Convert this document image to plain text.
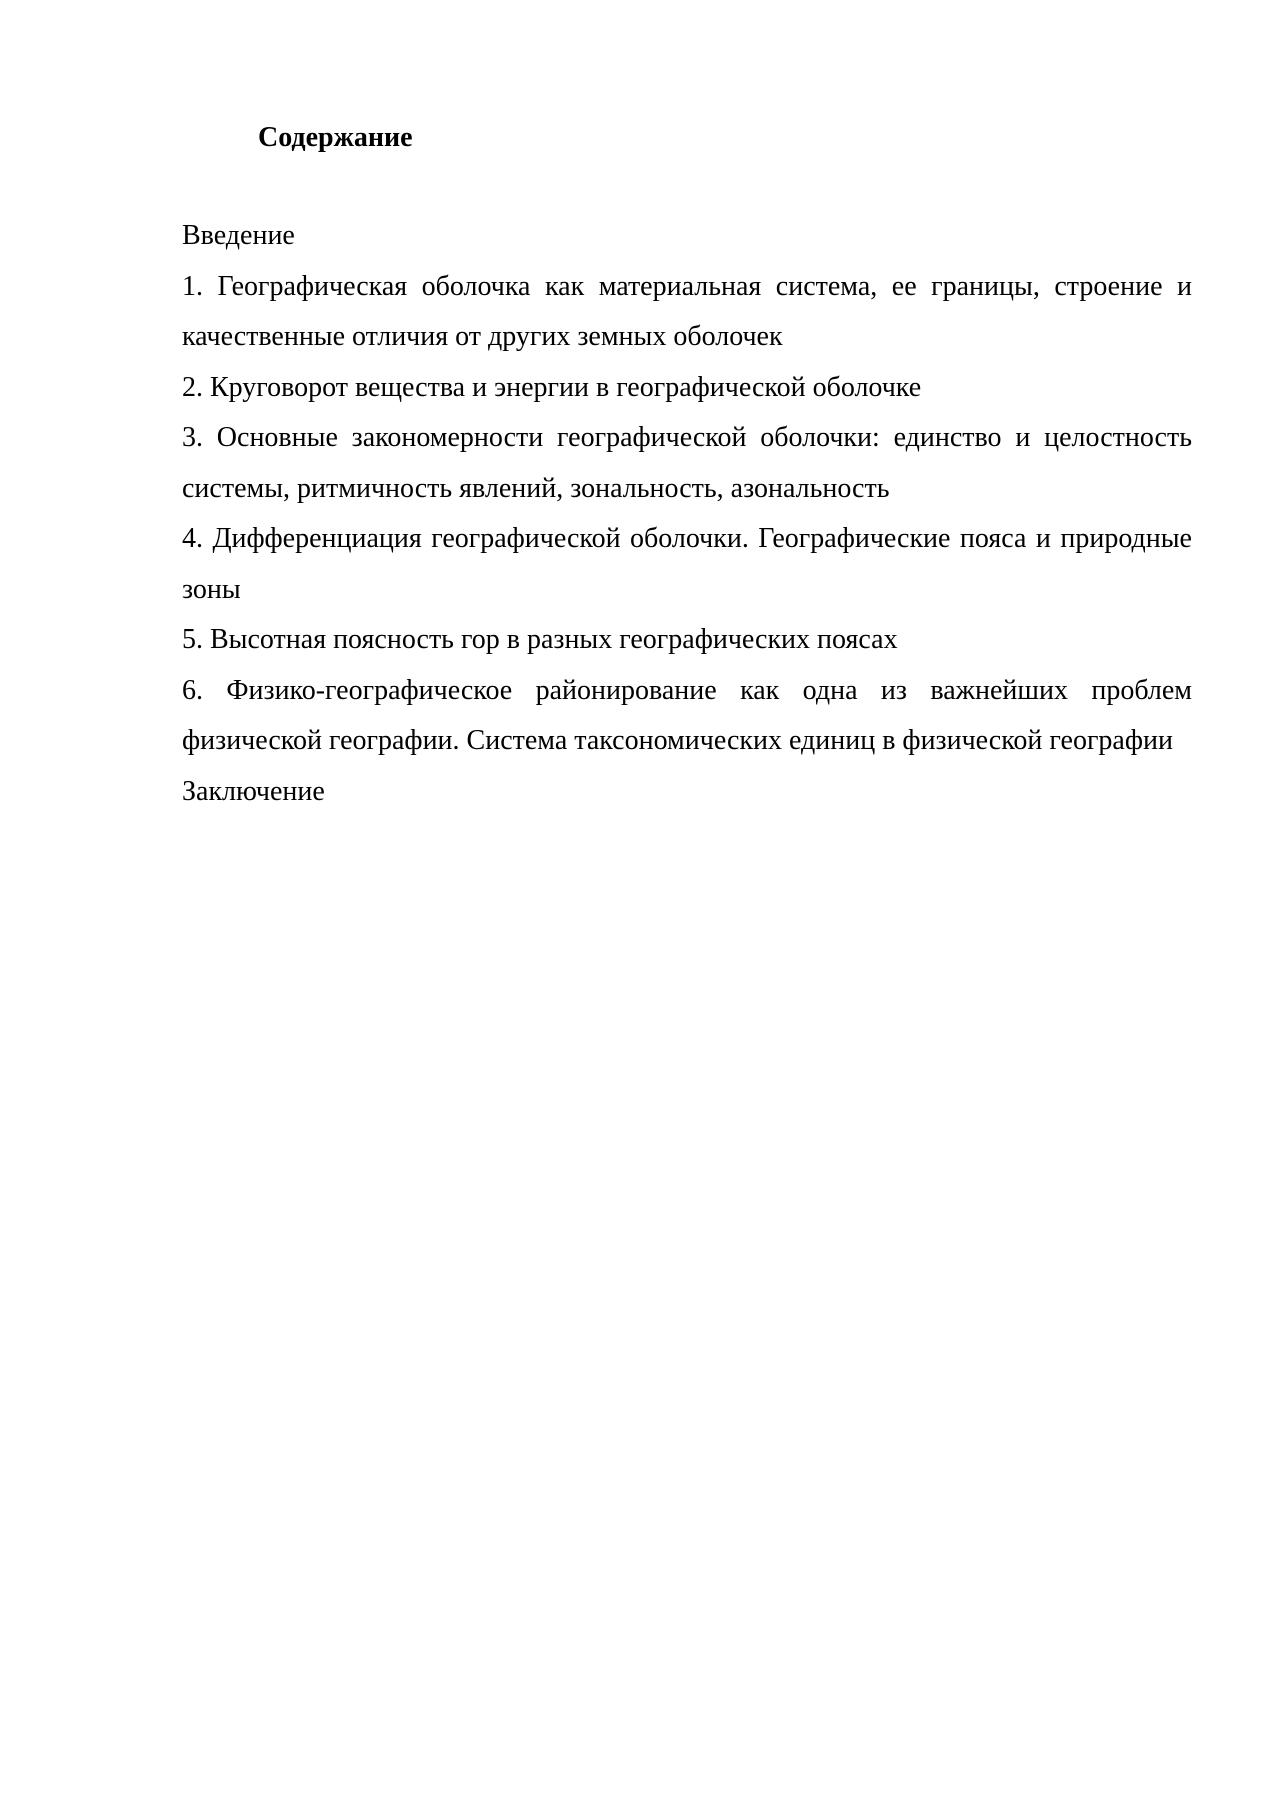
Содержание
Введение
1. Географическая оболочка как материальная система, ее границы, строение и качественные отличия от других земных оболочек
2. Круговорот вещества и энергии в географической оболочке
3. Основные закономерности географической оболочки: единство и целостность системы, ритмичность явлений, зональность, азональность
4. Дифференциация географической оболочки. Географические пояса и природные зоны
5. Высотная поясность гор в разных географических поясах
6. Физико-географическое районирование как одна из важнейших проблем физической географии. Система таксономических единиц в физической географии
Заключение
